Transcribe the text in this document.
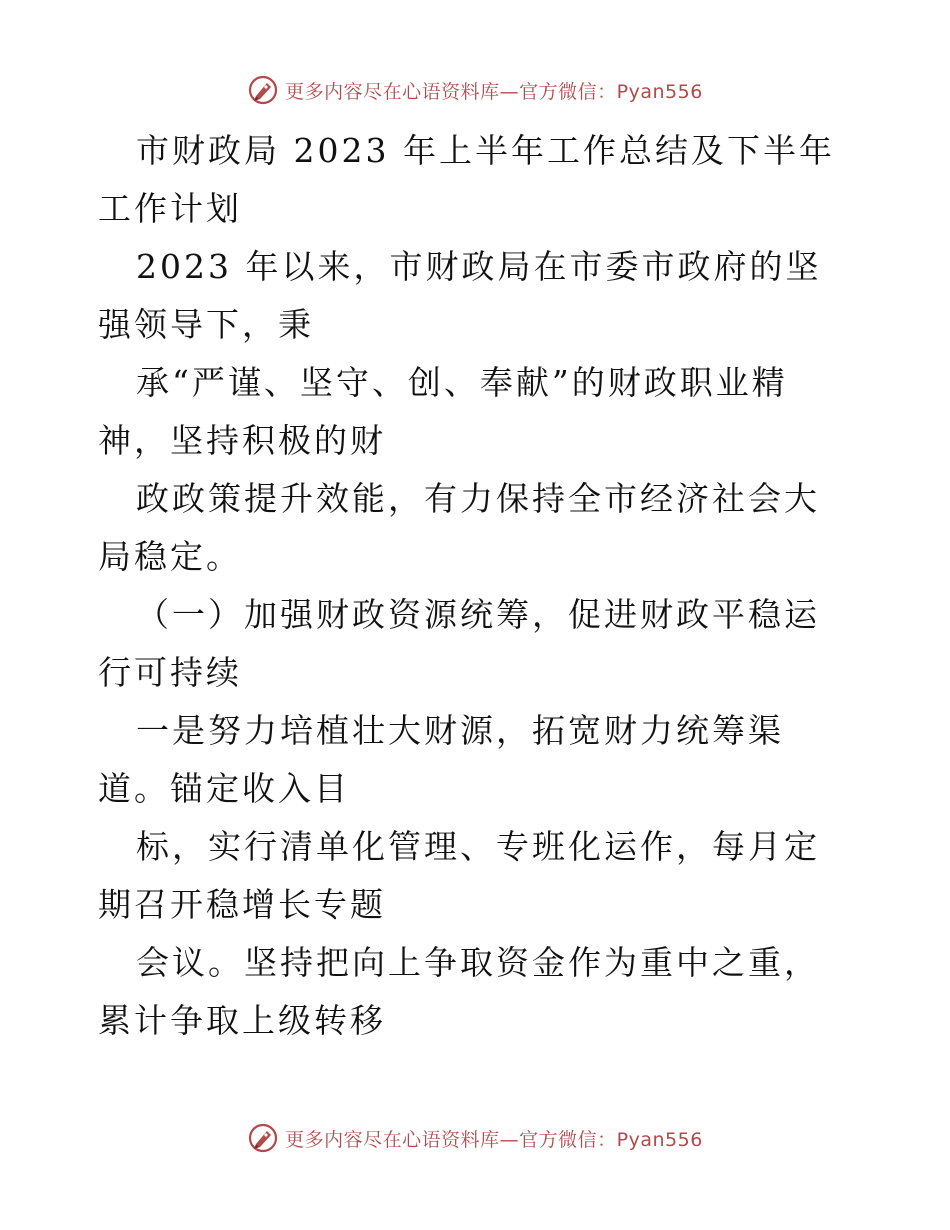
更多内容尽在心语资料库—官方微信：Pyan556

市财政局 2023 年上半年工作总结及下半年工作计划

2023 年以来，市财政局在市委市政府的坚强领导下，秉

承“严谨、坚守、创、奉献”的财政职业精神，坚持积极的财

政政策提升效能，有力保持全市经济社会大局稳定。

（一）加强财政资源统筹，促进财政平稳运行可持续

一是努力培植壮大财源，拓宽财力统筹渠道。锚定收入目

标，实行清单化管理、专班化运作，每月定期召开稳增长专题

会议。坚持把向上争取资金作为重中之重，累计争取上级转移

更多内容尽在心语资料库—官方微信：Pyan556
